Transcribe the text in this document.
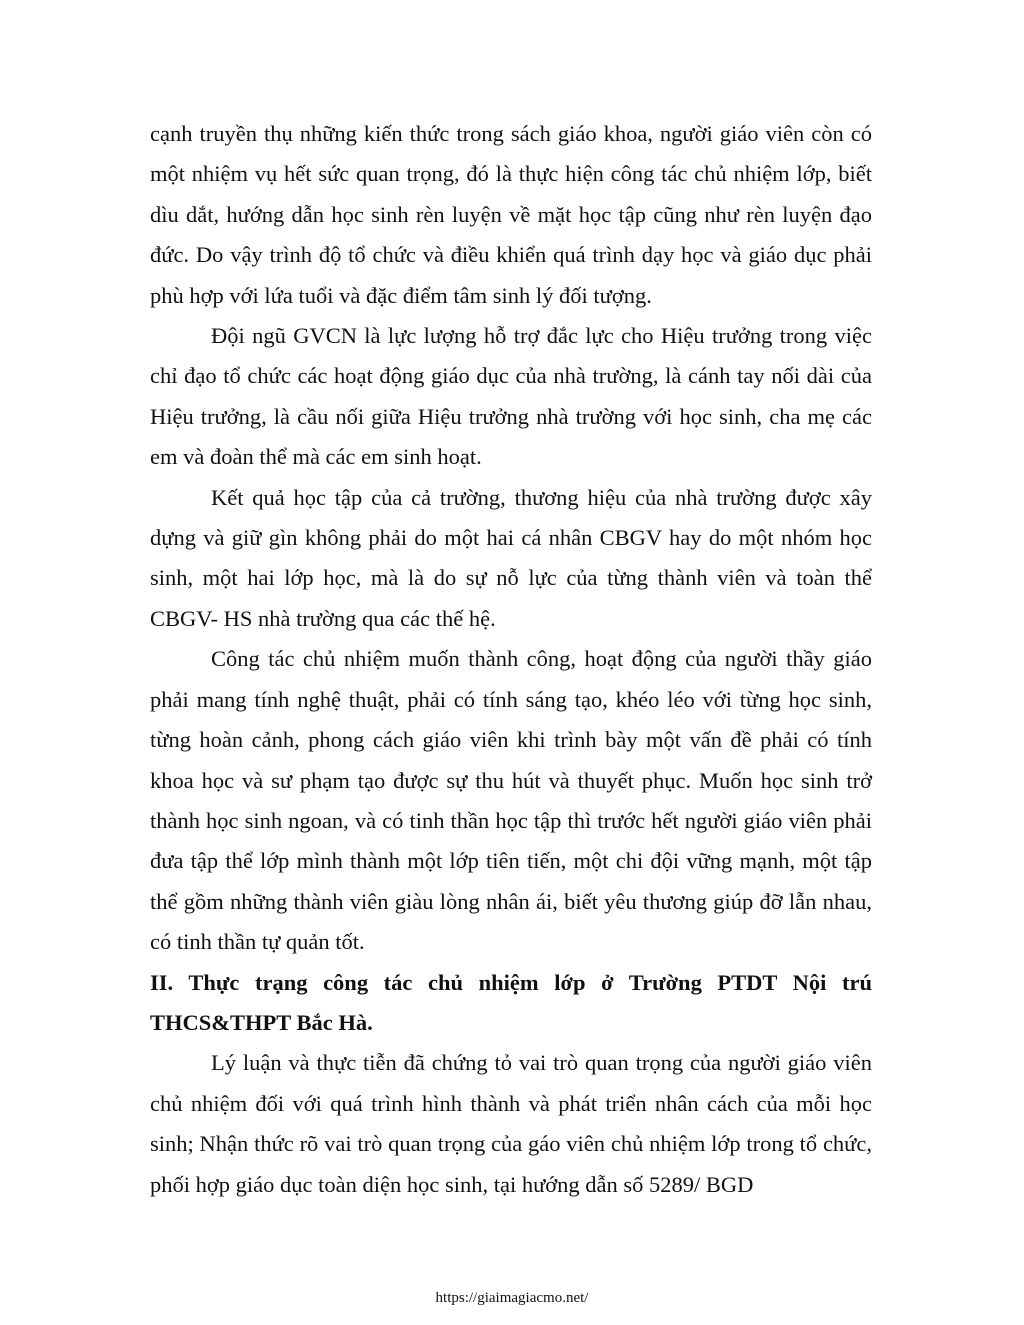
cạnh truyền thụ những kiến thức trong sách giáo khoa, người giáo viên còn có một nhiệm vụ hết sức quan trọng, đó là thực hiện công tác chủ nhiệm lớp, biết dìu dắt, hướng dẫn học sinh rèn luyện về mặt học tập cũng như rèn luyện đạo đức. Do vậy trình độ tổ chức và điều khiển quá trình dạy học và giáo dục phải phù hợp với lứa tuổi và đặc điểm tâm sinh lý đối tượng.

Đội ngũ GVCN là lực lượng hỗ trợ đắc lực cho Hiệu trưởng trong việc chỉ đạo tổ chức các hoạt động giáo dục của nhà trường, là cánh tay nối dài của Hiệu trưởng, là cầu nối giữa Hiệu trưởng nhà trường với học sinh, cha mẹ các em và đoàn thể mà các em sinh hoạt.

Kết quả học tập của cả trường, thương hiệu của nhà trường được xây dựng và giữ gìn không phải do một hai cá nhân CBGV hay do một nhóm học sinh, một hai lớp học, mà là do sự nỗ lực của từng thành viên và toàn thể CBGV- HS nhà trường qua các thế hệ.

Công tác chủ nhiệm muốn thành công, hoạt động của người thầy giáo phải mang tính nghệ thuật, phải có tính sáng tạo, khéo léo với từng học sinh, từng hoàn cảnh, phong cách giáo viên khi trình bày một vấn đề phải có tính khoa học và sư phạm tạo được sự thu hút và thuyết phục. Muốn học sinh trở thành học sinh ngoan, và có tinh thần học tập thì trước hết người giáo viên phải đưa tập thể lớp mình thành một lớp tiên tiến, một chi đội vững mạnh, một tập thể gồm những thành viên giàu lòng nhân ái, biết yêu thương giúp đỡ lẫn nhau, có tinh thần tự quản tốt.

II. Thực trạng công tác chủ nhiệm lớp ở Trường PTDT Nội trú THCS&THPT Bắc Hà.

Lý luận và thực tiễn đã chứng tỏ vai trò quan trọng của người giáo viên chủ nhiệm đối với quá trình hình thành và phát triển nhân cách của mỗi học sinh; Nhận thức rõ vai trò quan trọng của gáo viên chủ nhiệm lớp trong tổ chức, phối hợp giáo dục toàn diện học sinh, tại hướng dẫn số 5289/ BGD

https://giaimagiacmo.net/
